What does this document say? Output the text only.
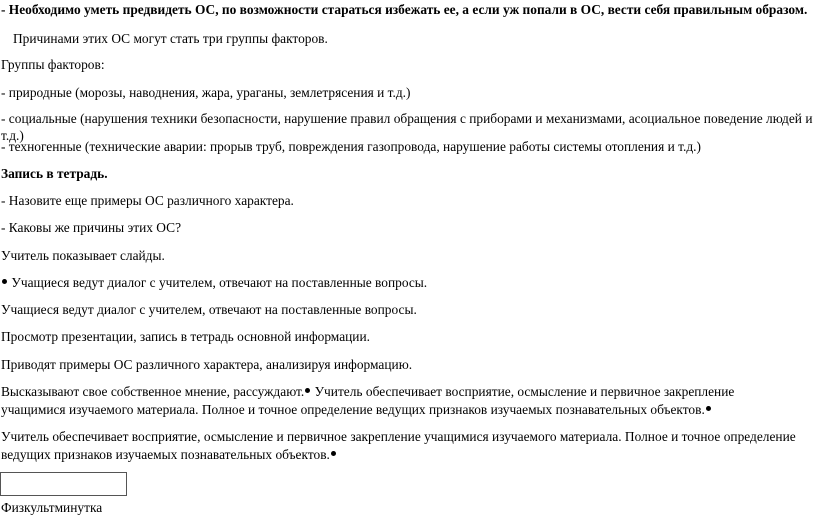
- Необходимо уметь предвидеть ОС, по возможности стараться избежать ее, а если уж попали в ОС, вести себя правильным образом.

Причинами этих ОС могут стать три группы факторов.

Группы факторов:

- природные (морозы, наводнения, жара, ураганы, землетрясения и т.д.)

- социальные (нарушения техники безопасности, нарушение правил обращения с приборами и механизмами, асоциальное поведение людей и т.д.)

- техногенные (технические аварии: прорыв труб, повреждения газопровода, нарушение работы системы отопления и т.д.)

Запись в тетрадь.

- Назовите еще примеры ОС различного характера.

- Каковы же причины этих ОС?

Учитель показывает слайды.

Учащиеся ведут диалог с учителем, отвечают на поставленные вопросы.

Учащиеся ведут диалог с учителем, отвечают на поставленные вопросы.

Просмотр презентации, запись в тетрадь основной информации.

Приводят примеры ОС различного характера, анализируя информацию.

Высказывают свое собственное мнение, рассуждают. Учитель обеспечивает восприятие, осмысление и первичное закрепление учащимися изучаемого материала. Полное и точное определение ведущих признаков изучаемых познавательных объектов.

Учитель обеспечивает восприятие, осмысление и первичное закрепление учащимися изучаемого материала. Полное и точное определение ведущих признаков изучаемых познавательных объектов.

Физкультминутка
